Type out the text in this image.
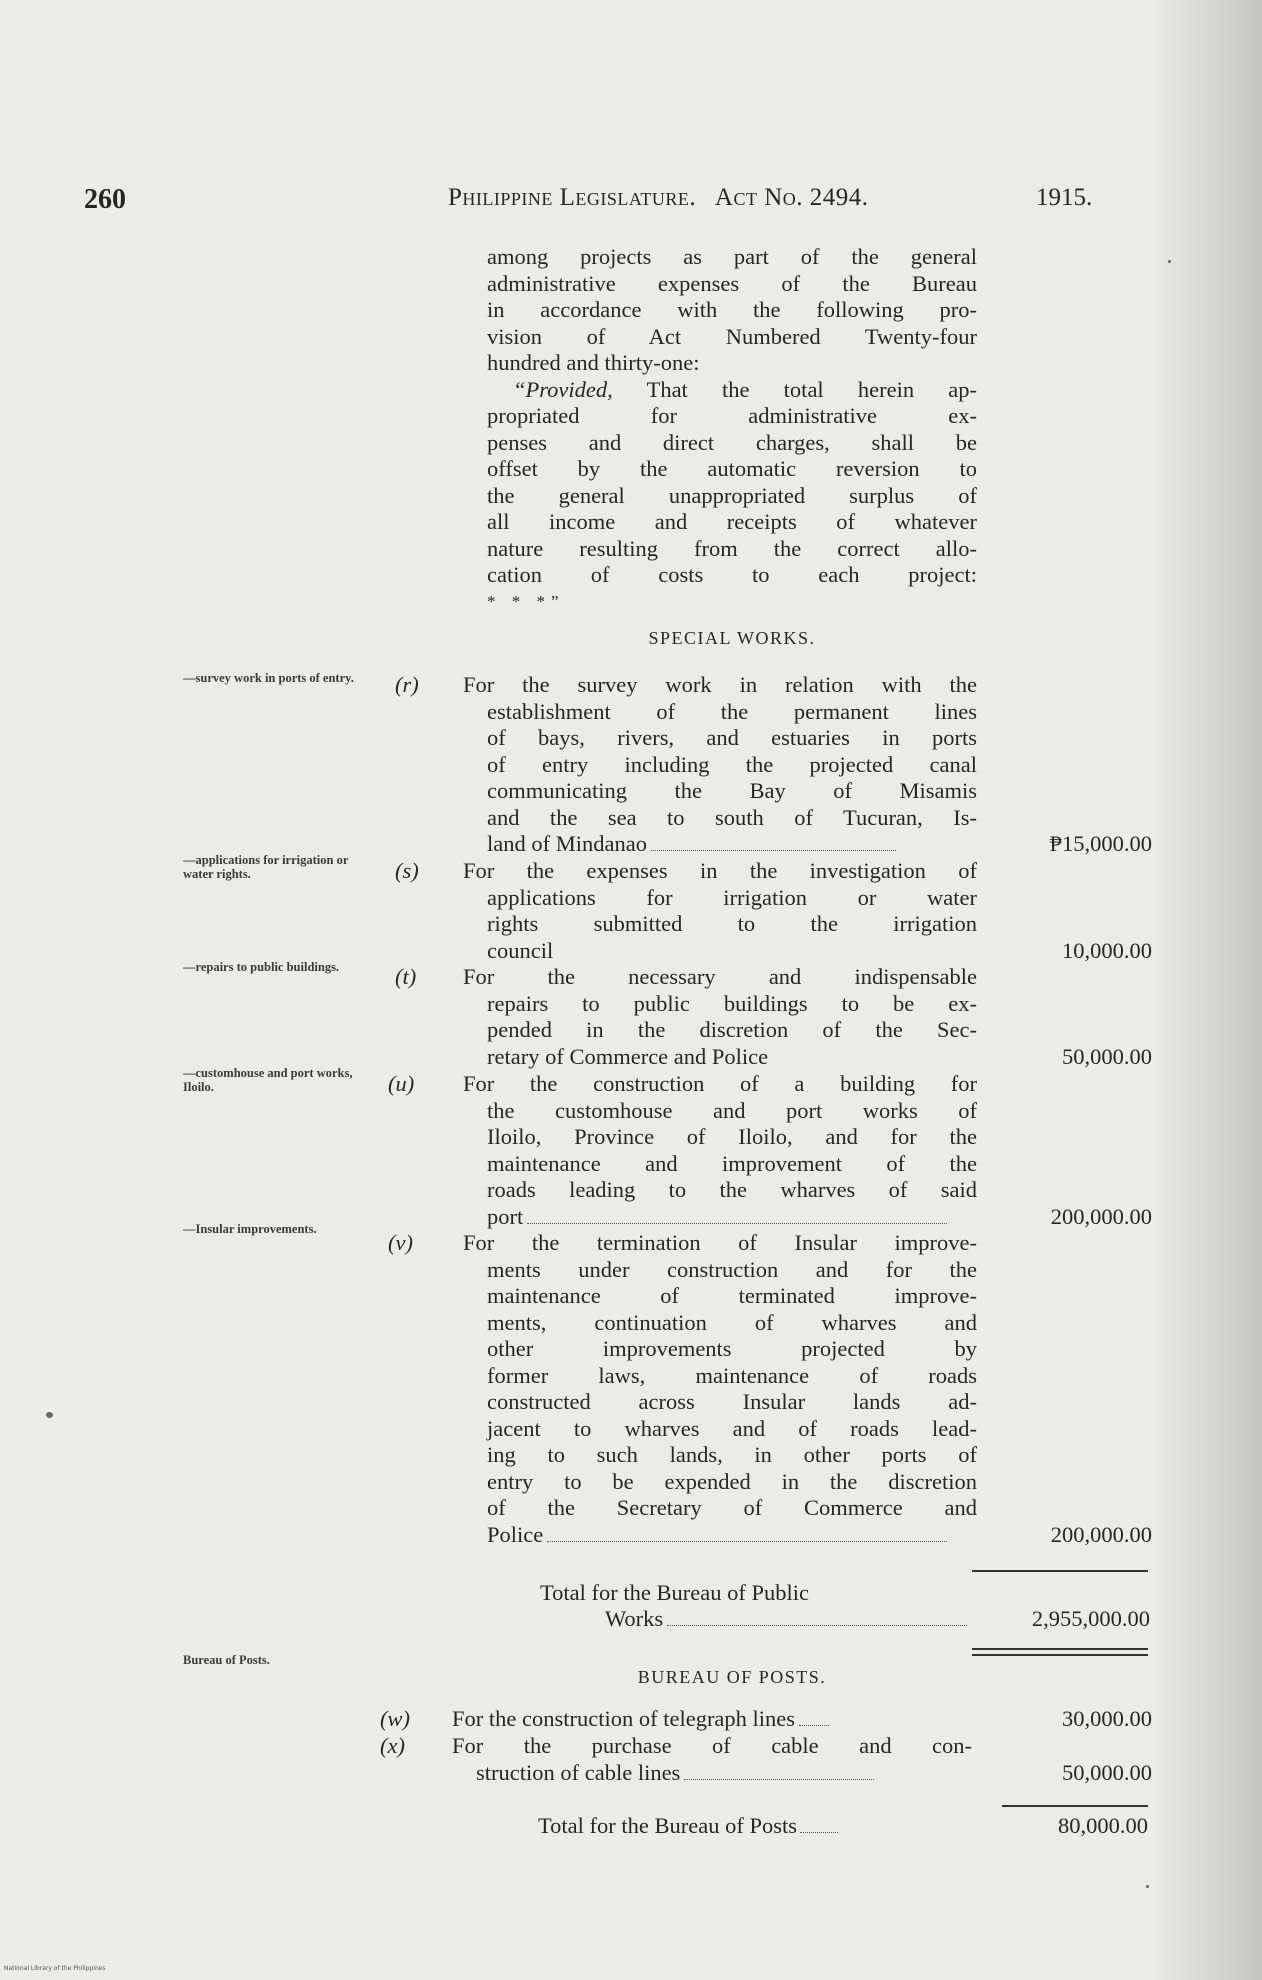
260	Philippine Legislature. Act No. 2494.	1915.
among projects as part of the general
administrative expenses of the Bureau
in accordance with the following pro-
vision of Act Numbered Twenty-four
hundred and thirty-one:
“Provided, That the total herein ap-
propriated for administrative ex-
penses and direct charges, shall be
offset by the automatic reversion to
the general unappropriated surplus of
all income and receipts of whatever
nature resulting from the correct allo-
cation of costs to each project:
* * *”
SPECIAL WORKS.
—survey work in ports of entry.
—applications for irrigation or water rights.
—repairs to public buildings.
—customhouse and port works, Iloilo.
—Insular improvements.
Bureau of Posts.
(r) For the survey work in relation with the
establishment of the permanent lines
of bays, rivers, and estuaries in ports
of entry including the projected canal
communicating the Bay of Misamis
and the sea to south of Tucuran, Is-
land of Mindanao	₱15,000.00
(s) For the expenses in the investigation of
applications for irrigation or water
rights submitted to the irrigation
council	10,000.00
(t) For the necessary and indispensable
repairs to public buildings to be ex-
pended in the discretion of the Sec-
retary of Commerce and Police	50,000.00
(u) For the construction of a building for
the customhouse and port works of
Iloilo, Province of Iloilo, and for the
maintenance and improvement of the
roads leading to the wharves of said
port	200,000.00
(v) For the termination of Insular improve-
ments under construction and for the
maintenance of terminated improve-
ments, continuation of wharves and
other improvements projected by
former laws, maintenance of roads
constructed across Insular lands ad-
jacent to wharves and of roads lead-
ing to such lands, in other ports of
entry to be expended in the discretion
of the Secretary of Commerce and
Police	200,000.00
(w) For the construction of telegraph lines	30,000.00
(x) For the purchase of cable and con-
struction of cable lines	50,000.00
Total for the Bureau of Public
Works	2,955,000.00
Total for the Bureau of Posts	80,000.00
BUREAU OF POSTS.
National Library of the Philippines
